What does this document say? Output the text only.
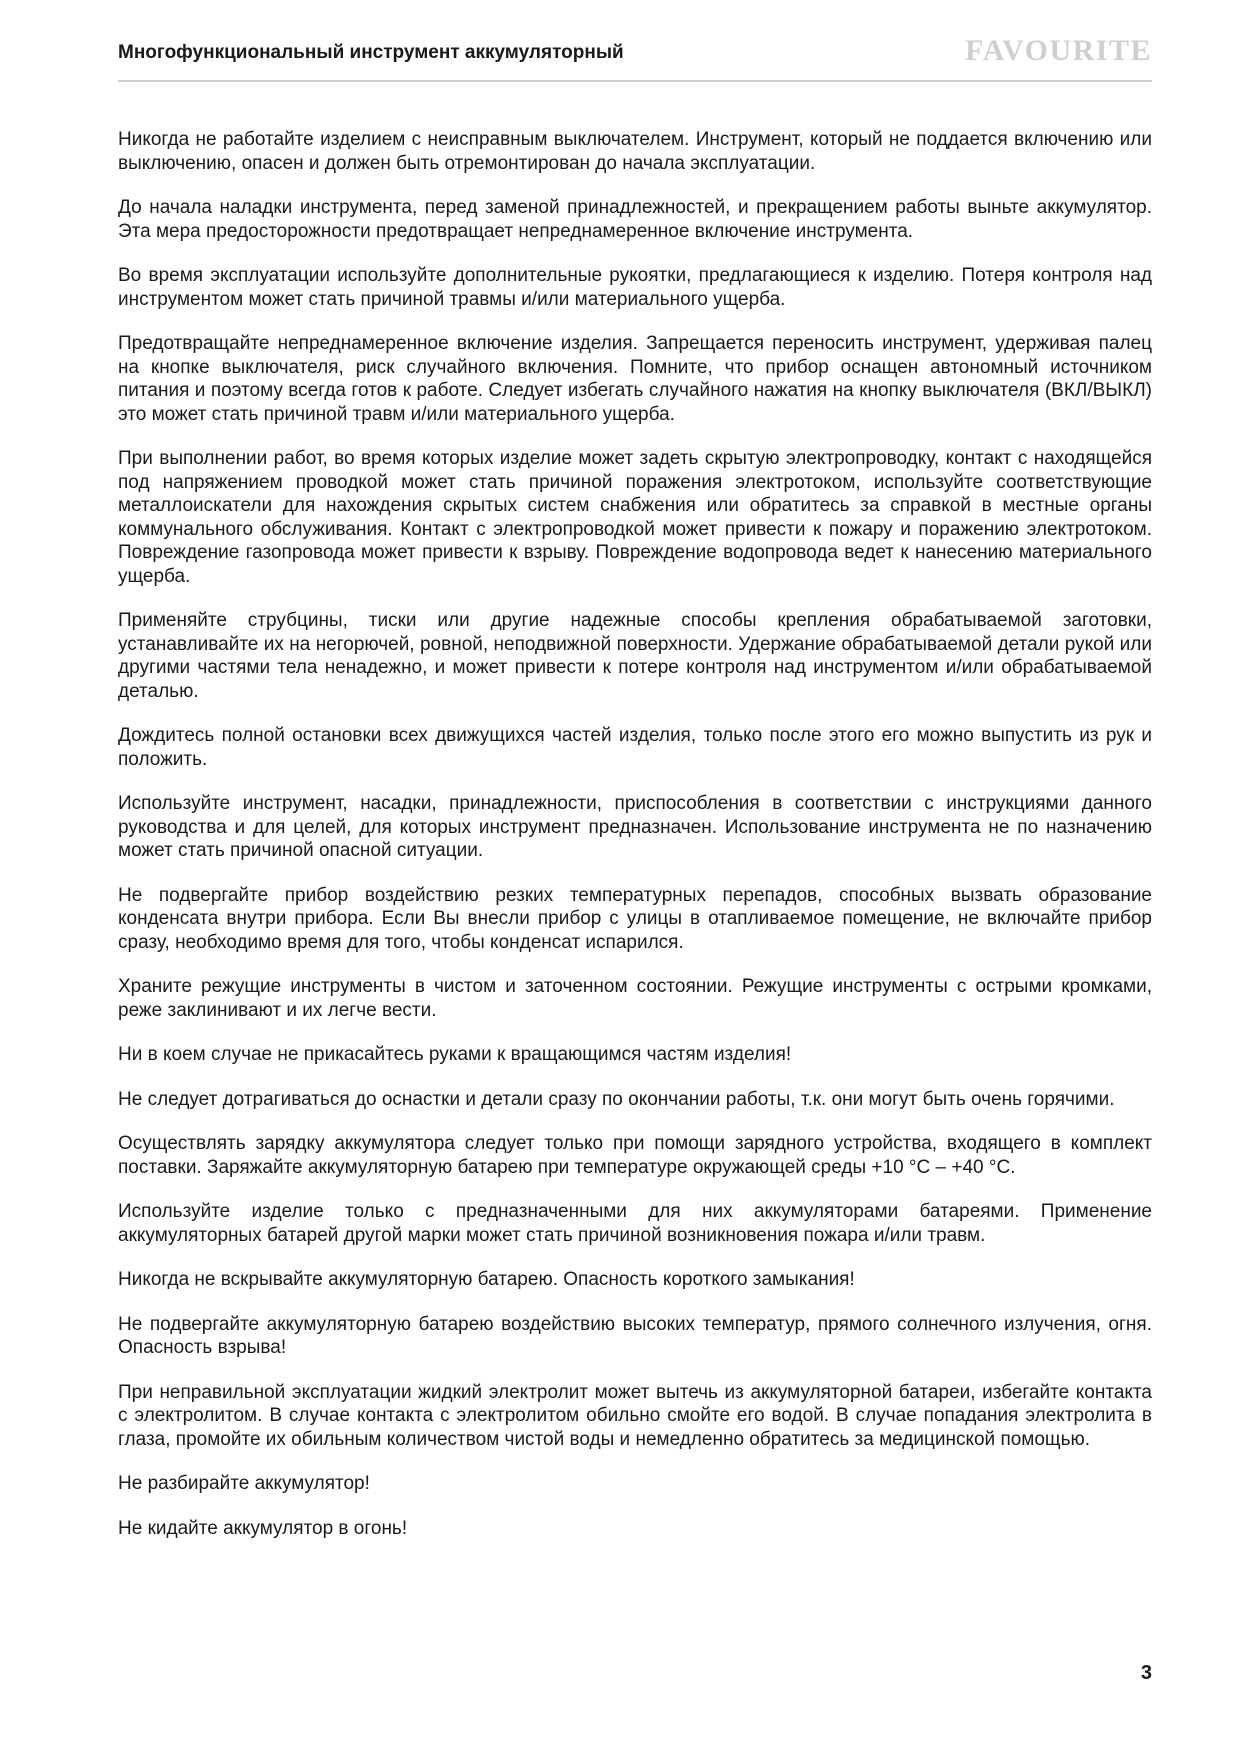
Многофункциональный инструмент аккумуляторный	FAVOURITE

Никогда не работайте изделием с неисправным выключателем. Инструмент, который не поддается включению или выключению, опасен и должен быть отремонтирован до начала эксплуатации.

До начала наладки инструмента, перед заменой принадлежностей, и прекращением работы выньте аккумулятор. Эта мера предосторожности предотвращает непреднамеренное включение инструмента.

Во время эксплуатации используйте дополнительные рукоятки, предлагающиеся к изделию. Потеря контроля над инструментом может стать причиной травмы и/или материального ущерба.

Предотвращайте непреднамеренное включение изделия. Запрещается переносить инструмент, удерживая палец на кнопке выключателя, риск случайного включения. Помните, что прибор оснащен автономный источником питания и поэтому всегда готов к работе. Следует избегать случайного нажатия на кнопку выключателя (ВКЛ/ВЫКЛ) это может стать причиной травм и/или материального ущерба.

При выполнении работ, во время которых изделие может задеть скрытую электропроводку, контакт с находящейся под напряжением проводкой может стать причиной поражения электротоком, используйте соответствующие металлоискатели для нахождения скрытых систем снабжения или обратитесь за справкой в местные органы коммунального обслуживания. Контакт с электропроводкой может привести к пожару и поражению электротоком. Повреждение газопровода может привести к взрыву. Повреждение водопровода ведет к нанесению материального ущерба.

Применяйте струбцины, тиски или другие надежные способы крепления обрабатываемой заготовки, устанавливайте их на негорючей, ровной, неподвижной поверхности. Удержание обрабатываемой детали рукой или другими частями тела ненадежно, и может привести к потере контроля над инструментом и/или обрабатываемой деталью.

Дождитесь полной остановки всех движущихся частей изделия, только после этого его можно выпустить из рук и положить.

Используйте инструмент, насадки, принадлежности, приспособления в соответствии с инструкциями данного руководства и для целей, для которых инструмент предназначен. Использование инструмента не по назначению может стать причиной опасной ситуации.

Не подвергайте прибор воздействию резких температурных перепадов, способных вызвать образование конденсата внутри прибора. Если Вы внесли прибор с улицы в отапливаемое помещение, не включайте прибор сразу, необходимо время для того, чтобы конденсат испарился.

Храните режущие инструменты в чистом и заточенном состоянии. Режущие инструменты с острыми кромками, реже заклинивают и их легче вести.

Ни в коем случае не прикасайтесь руками к вращающимся частям изделия!

Не следует дотрагиваться до оснастки и детали сразу по окончании работы, т.к. они могут быть очень горячими.

Осуществлять зарядку аккумулятора следует только при помощи зарядного устройства, входящего в комплект поставки. Заряжайте аккумуляторную батарею при температуре окружающей среды +10 °С – +40 °С.

Используйте изделие только с предназначенными для них аккумуляторами батареями. Применение аккумуляторных батарей другой марки может стать причиной возникновения пожара и/или травм.

Никогда не вскрывайте аккумуляторную батарею. Опасность короткого замыкания!

Не подвергайте аккумуляторную батарею воздействию высоких температур, прямого солнечного излучения, огня. Опасность взрыва!

При неправильной эксплуатации жидкий электролит может вытечь из аккумуляторной батареи, избегайте контакта с электролитом. В случае контакта с электролитом обильно смойте его водой. В случае попадания электролита в глаза, промойте их обильным количеством чистой воды и немедленно обратитесь за медицинской помощью.

Не разбирайте аккумулятор!

Не кидайте аккумулятор в огонь!

3
